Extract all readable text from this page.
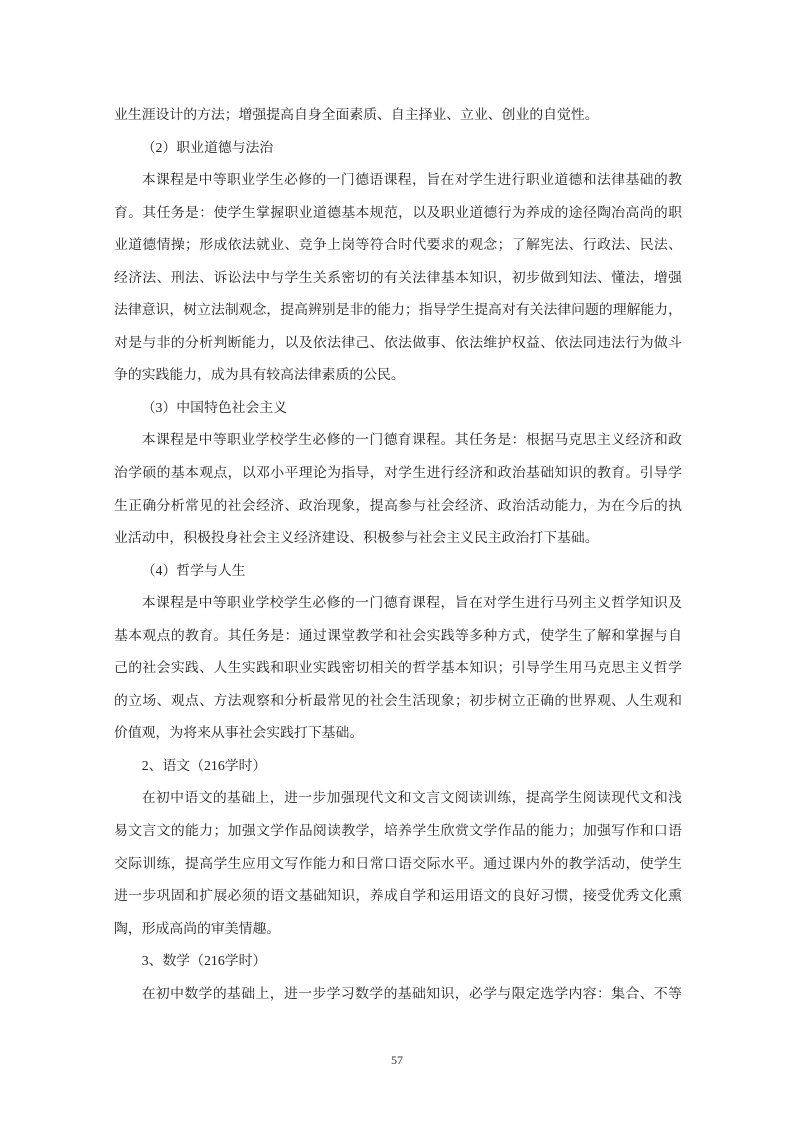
业生涯设计的方法；增强提高自身全面素质、自主择业、立业、创业的自觉性。
（2）职业道德与法治
本课程是中等职业学生必修的一门德语课程，旨在对学生进行职业道德和法律基础的教
育。其任务是：使学生掌握职业道德基本规范，以及职业道德行为养成的途径陶冶高尚的职
业道德情操；形成依法就业、竞争上岗等符合时代要求的观念；了解宪法、行政法、民法、
经济法、刑法、诉讼法中与学生关系密切的有关法律基本知识，初步做到知法、懂法，增强
法律意识，树立法制观念，提高辨别是非的能力；指导学生提高对有关法律问题的理解能力，
对是与非的分析判断能力，以及依法律己、依法做事、依法维护权益、依法同违法行为做斗
争的实践能力，成为具有较高法律素质的公民。
（3）中国特色社会主义
本课程是中等职业学校学生必修的一门德育课程。其任务是：根据马克思主义经济和政
治学硕的基本观点，以邓小平理论为指导，对学生进行经济和政治基础知识的教育。引导学
生正确分析常见的社会经济、政治现象，提高参与社会经济、政治活动能力，为在今后的执
业活动中，积极投身社会主义经济建设、积极参与社会主义民主政治打下基础。
（4）哲学与人生
本课程是中等职业学校学生必修的一门德育课程，旨在对学生进行马列主义哲学知识及
基本观点的教育。其任务是：通过课堂教学和社会实践等多种方式，使学生了解和掌握与自
己的社会实践、人生实践和职业实践密切相关的哲学基本知识；引导学生用马克思主义哲学
的立场、观点、方法观察和分析最常见的社会生活现象；初步树立正确的世界观、人生观和
价值观，为将来从事社会实践打下基础。
2、语文（216学时）
在初中语文的基础上，进一步加强现代文和文言文阅读训练，提高学生阅读现代文和浅
易文言文的能力；加强文学作品阅读教学，培养学生欣赏文学作品的能力；加强写作和口语
交际训练，提高学生应用文写作能力和日常口语交际水平。通过课内外的教学活动，使学生
进一步巩固和扩展必须的语文基础知识，养成自学和运用语文的良好习惯，接受优秀文化熏
陶，形成高尚的审美情趣。
3、数学（216学时）
在初中数学的基础上，进一步学习数学的基础知识，必学与限定选学内容：集合、不等
57
